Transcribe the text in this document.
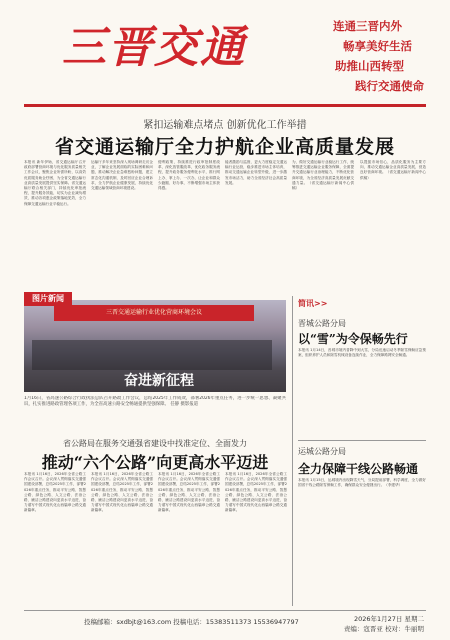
三晋交通	连通三晋内外
畅享美好生活
助推山西转型
践行交通使命
紧扣运输难点堵点 创新优化工作举措
省交通运输厅全力护航企业高质量发展
本报讯 新年伊始，省交通运输厅召开政府部署营商环境与优化服务质量相关工作会议，聚焦企业所需所盼，以高效优质服务助企纾困，为全省交通运输行业高质量发展提供坚实保障。省交通运输厅联合相关部门，持续优化审批流程，提升服务效能，切实为企业减负增效，推动各项惠企政策落地见效，全力保障交通运输行业平稳运行。
运输厅多年来坚持深入现场调研走访企业，了解企业发展面临的实际困难和问题，推动解决企业急难愁盼问题，建立常态化沟通机制，及时回应企业合理诉求，全力护航企业健康发展，持续优化交通运输领域营商环境建设。
便利政策，持续推进行政审批制度改革，深化放管服改革，优化政务服务流程，提升政务服务便利化水平，推行网上办、掌上办、一次办，让企业和群众少跑腿、好办事，不断增强市场主体获得感。
能者激励与监督，更大力度稳定交通运输行业运营，稳步推进市场主体培育，推动交通运输企业转型升级，进一步激发市场活力，助力全省经济社会高质量发展。
为，做好交通运输行业稳运行工作，统筹推进交通运输企业服务保障，全面提升交通运输行业治理能力，不断优化营商环境，为全省经济高质量发展贡献交通力量。（省交通运输厅新闻中心供稿）
以提振市场信心，品质化服务为主要方向，推动交通运输企业高质量发展，营造良好营商环境。（省交通运输厅新闻中心供稿）
三晋交通运输行业优化营商环境会议
奋进新征程
图片新闻
1月16日，省高速公路综合行政执法总队召开路政工作会议，总结2025年工作成效，部署2026年重点任务，进一步统一思想、凝聚共识，扎实推进路政管理各项工作，为全省高速公路安全畅通提供坚强保障。 任静 摄影报道
省公路局在服务交通强省建设中找准定位、全面发力
推动“六个公路”向更高水平迈进
本报讯 1月16日，2026年全省公路工作会议召开。会议深入贯彻落实交通强国建设部署，总结2025年工作，部署2026年重点任务，推动平安公路、智慧公路、绿色公路、人文公路、法治公路、廉洁公路建设向更高水平迈进，奋力谱写中国式现代化山西篇章公路交通新篇章。
本报讯 1月16日，2026年全省公路工作会议召开。会议深入贯彻落实交通强国建设部署，总结2025年工作，部署2026年重点任务，推动平安公路、智慧公路、绿色公路、人文公路、法治公路、廉洁公路建设向更高水平迈进，奋力谱写中国式现代化山西篇章公路交通新篇章。
本报讯 1月16日，2026年全省公路工作会议召开。会议深入贯彻落实交通强国建设部署，总结2025年工作，部署2026年重点任务，推动平安公路、智慧公路、绿色公路、人文公路、法治公路、廉洁公路建设向更高水平迈进，奋力谱写中国式现代化山西篇章公路交通新篇章。
本报讯 1月16日，2026年全省公路工作会议召开。会议深入贯彻落实交通强国建设部署，总结2025年工作，部署2026年重点任务，推动平安公路、智慧公路、绿色公路、人文公路、法治公路、廉洁公路建设向更高水平迈进，奋力谱写中国式现代化山西篇章公路交通新篇章。
简讯>>
晋城公路分局
以“雪”为令保畅先行
本报讯 1月14日，晋城市境内普降中到大雪，分局迅速启动冬季除雪保畅应急预案，组织养护人员和除雪机械设备连续作业，全力保障路网安全畅通。
运城公路分局
全力保障干线公路畅通
本报讯 1月15日，运城境内出现降雪天气，分局提前部署，科学调度，全力做好国省干线公路除雪保畅工作，确保群众安全便捷出行。（李建华）
投稿邮箱：sxdbjt@163.com 投稿电话：15383511373 15536947797	2026年1月27日 星期二
责编：寇晋亚 校对：牛丽明
